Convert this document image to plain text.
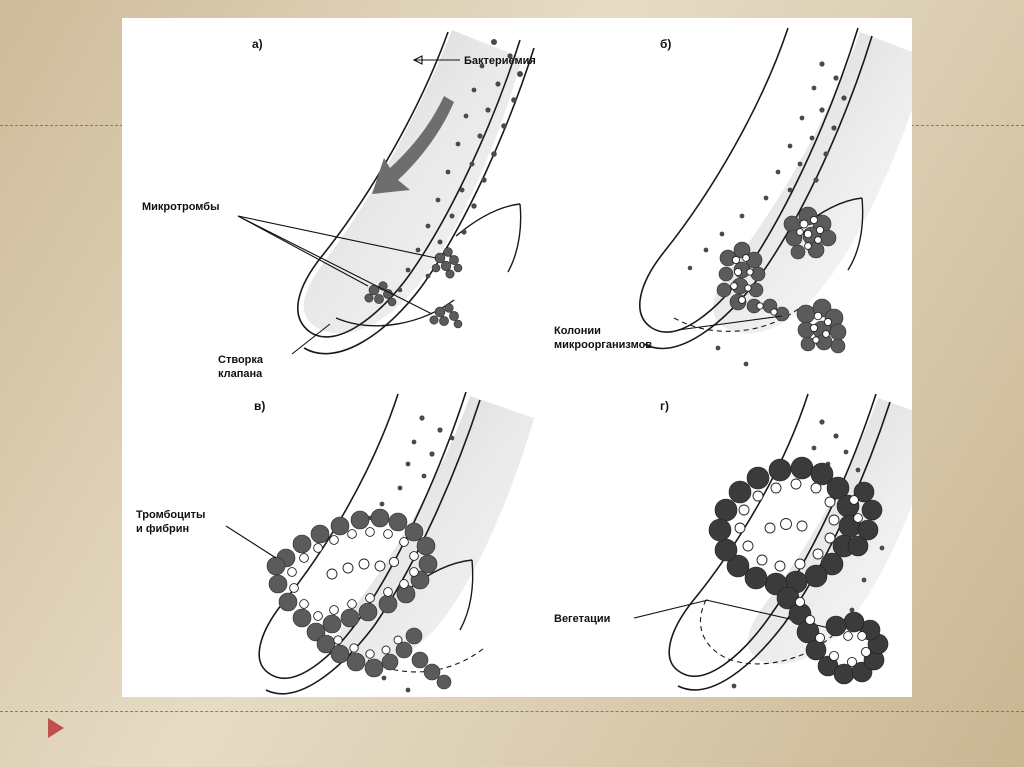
а)
Бактериемия
Микротромбы
Створка
клапана
б)
Колонии
микроорганизмов
в)
Тромбоциты
и фибрин
г)
Вегетации
